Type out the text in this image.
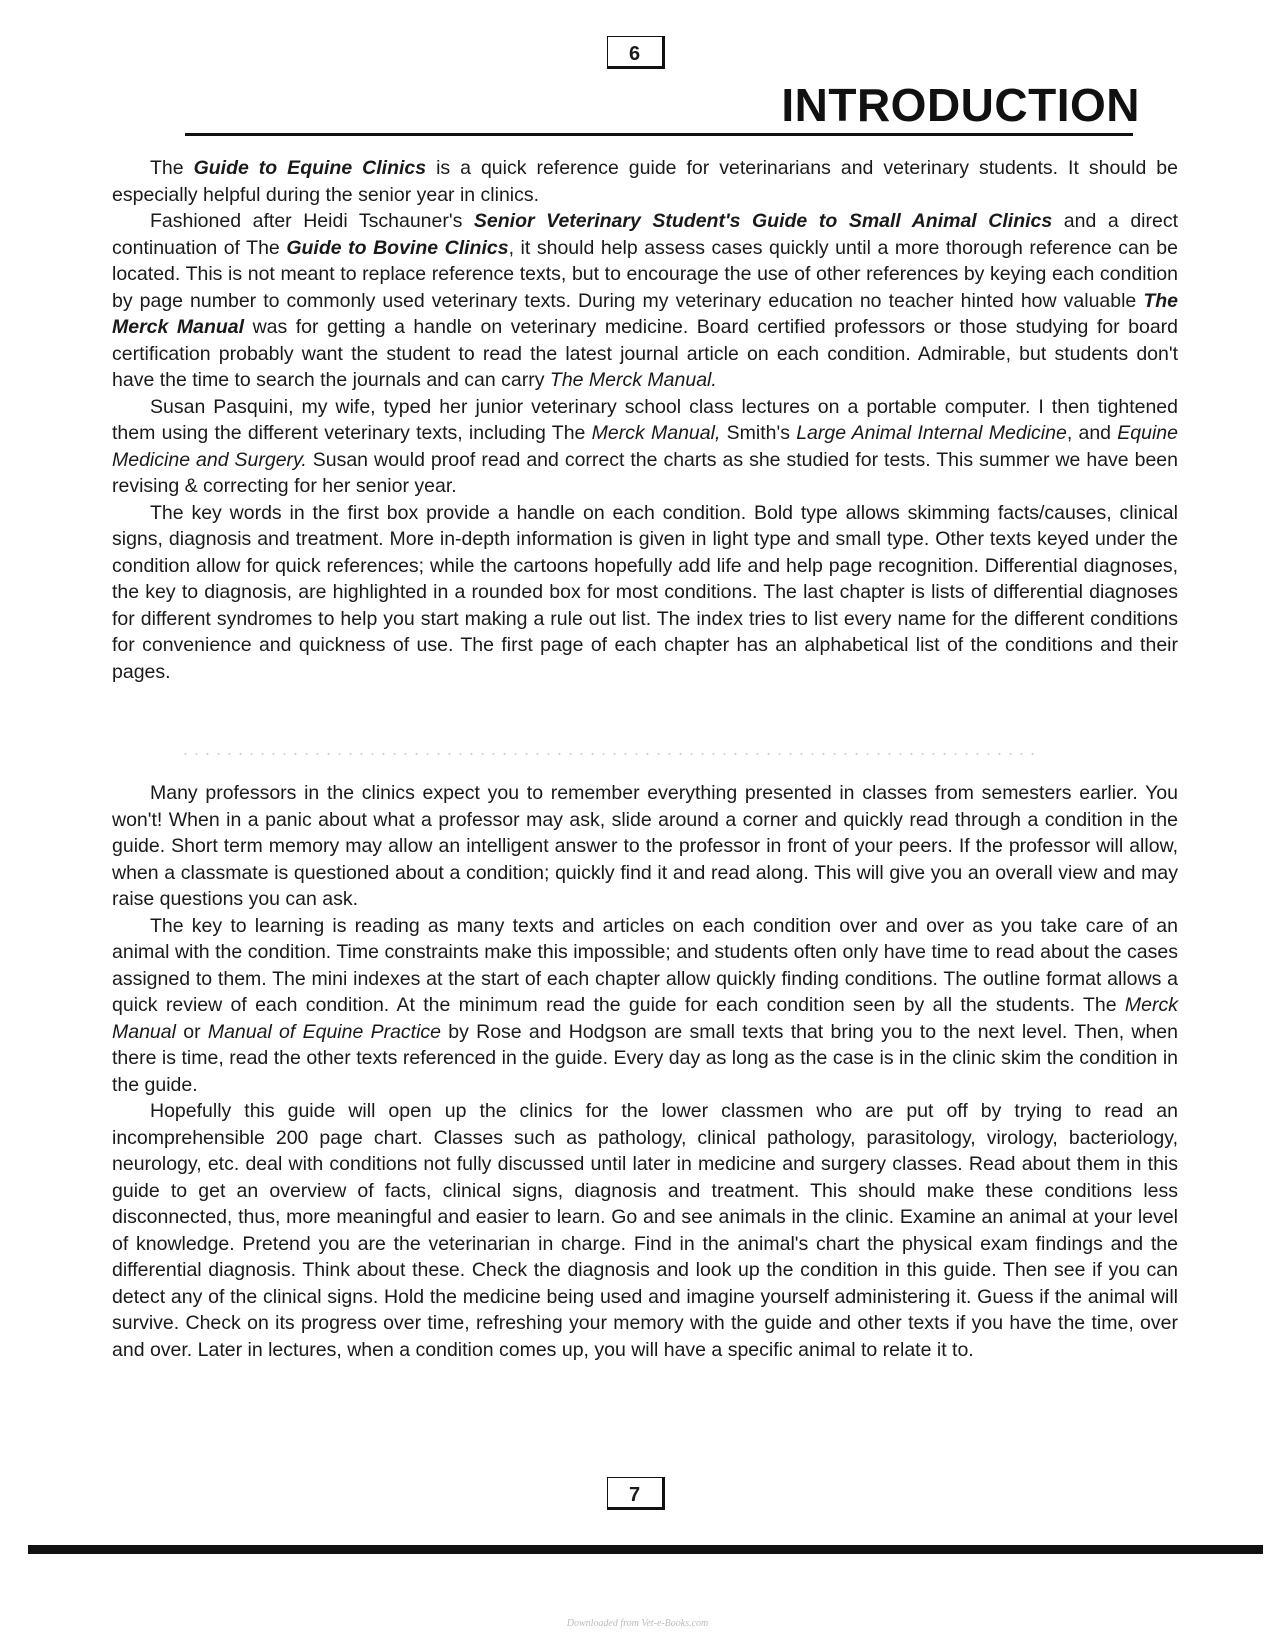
6
INTRODUCTION

The Guide to Equine Clinics is a quick reference guide for veterinarians and veterinary students. It should be especially helpful during the senior year in clinics.

Fashioned after Heidi Tschauner's Senior Veterinary Student's Guide to Small Animal Clinics and a direct continuation of The Guide to Bovine Clinics, it should help assess cases quickly until a more thorough reference can be located. This is not meant to replace reference texts, but to encourage the use of other references by keying each condition by page number to commonly used veterinary texts. During my veterinary education no teacher hinted how valuable The Merck Manual was for getting a handle on veterinary medicine. Board certified professors or those studying for board certification probably want the student to read the latest journal article on each condition. Admirable, but students don't have the time to search the journals and can carry The Merck Manual.

Susan Pasquini, my wife, typed her junior veterinary school class lectures on a portable computer. I then tightened them using the different veterinary texts, including The Merck Manual, Smith's Large Animal Internal Medicine, and Equine Medicine and Surgery. Susan would proof read and correct the charts as she studied for tests. This summer we have been revising & correcting for her senior year.

The key words in the first box provide a handle on each condition. Bold type allows skimming facts/causes, clinical signs, diagnosis and treatment. More in-depth information is given in light type and small type. Other texts keyed under the condition allow for quick references; while the cartoons hopefully add life and help page recognition. Differential diagnoses, the key to diagnosis, are highlighted in a rounded box for most conditions. The last chapter is lists of differential diagnoses for different syndromes to help you start making a rule out list. The index tries to list every name for the different conditions for convenience and quickness of use. The first page of each chapter has an alphabetical list of the conditions and their pages.

Many professors in the clinics expect you to remember everything presented in classes from semesters earlier. You won't! When in a panic about what a professor may ask, slide around a corner and quickly read through a condition in the guide. Short term memory may allow an intelligent answer to the professor in front of your peers. If the professor will allow, when a classmate is questioned about a condition; quickly find it and read along. This will give you an overall view and may raise questions you can ask.

The key to learning is reading as many texts and articles on each condition over and over as you take care of an animal with the condition. Time constraints make this impossible; and students often only have time to read about the cases assigned to them. The mini indexes at the start of each chapter allow quickly finding conditions. The outline format allows a quick review of each condition. At the minimum read the guide for each condition seen by all the students. The Merck Manual or Manual of Equine Practice by Rose and Hodgson are small texts that bring you to the next level. Then, when there is time, read the other texts referenced in the guide. Every day as long as the case is in the clinic skim the condition in the guide.

Hopefully this guide will open up the clinics for the lower classmen who are put off by trying to read an incomprehensible 200 page chart. Classes such as pathology, clinical pathology, parasitology, virology, bacteriology, neurology, etc. deal with conditions not fully discussed until later in medicine and surgery classes. Read about them in this guide to get an overview of facts, clinical signs, diagnosis and treatment. This should make these conditions less disconnected, thus, more meaningful and easier to learn. Go and see animals in the clinic. Examine an animal at your level of knowledge. Pretend you are the veterinarian in charge. Find in the animal's chart the physical exam findings and the differential diagnosis. Think about these. Check the diagnosis and look up the condition in this guide. Then see if you can detect any of the clinical signs. Hold the medicine being used and imagine yourself administering it. Guess if the animal will survive. Check on its progress over time, refreshing your memory with the guide and other texts if you have the time, over and over. Later in lectures, when a condition comes up, you will have a specific animal to relate it to.

7
Downloaded from Vet-e-Books.com
